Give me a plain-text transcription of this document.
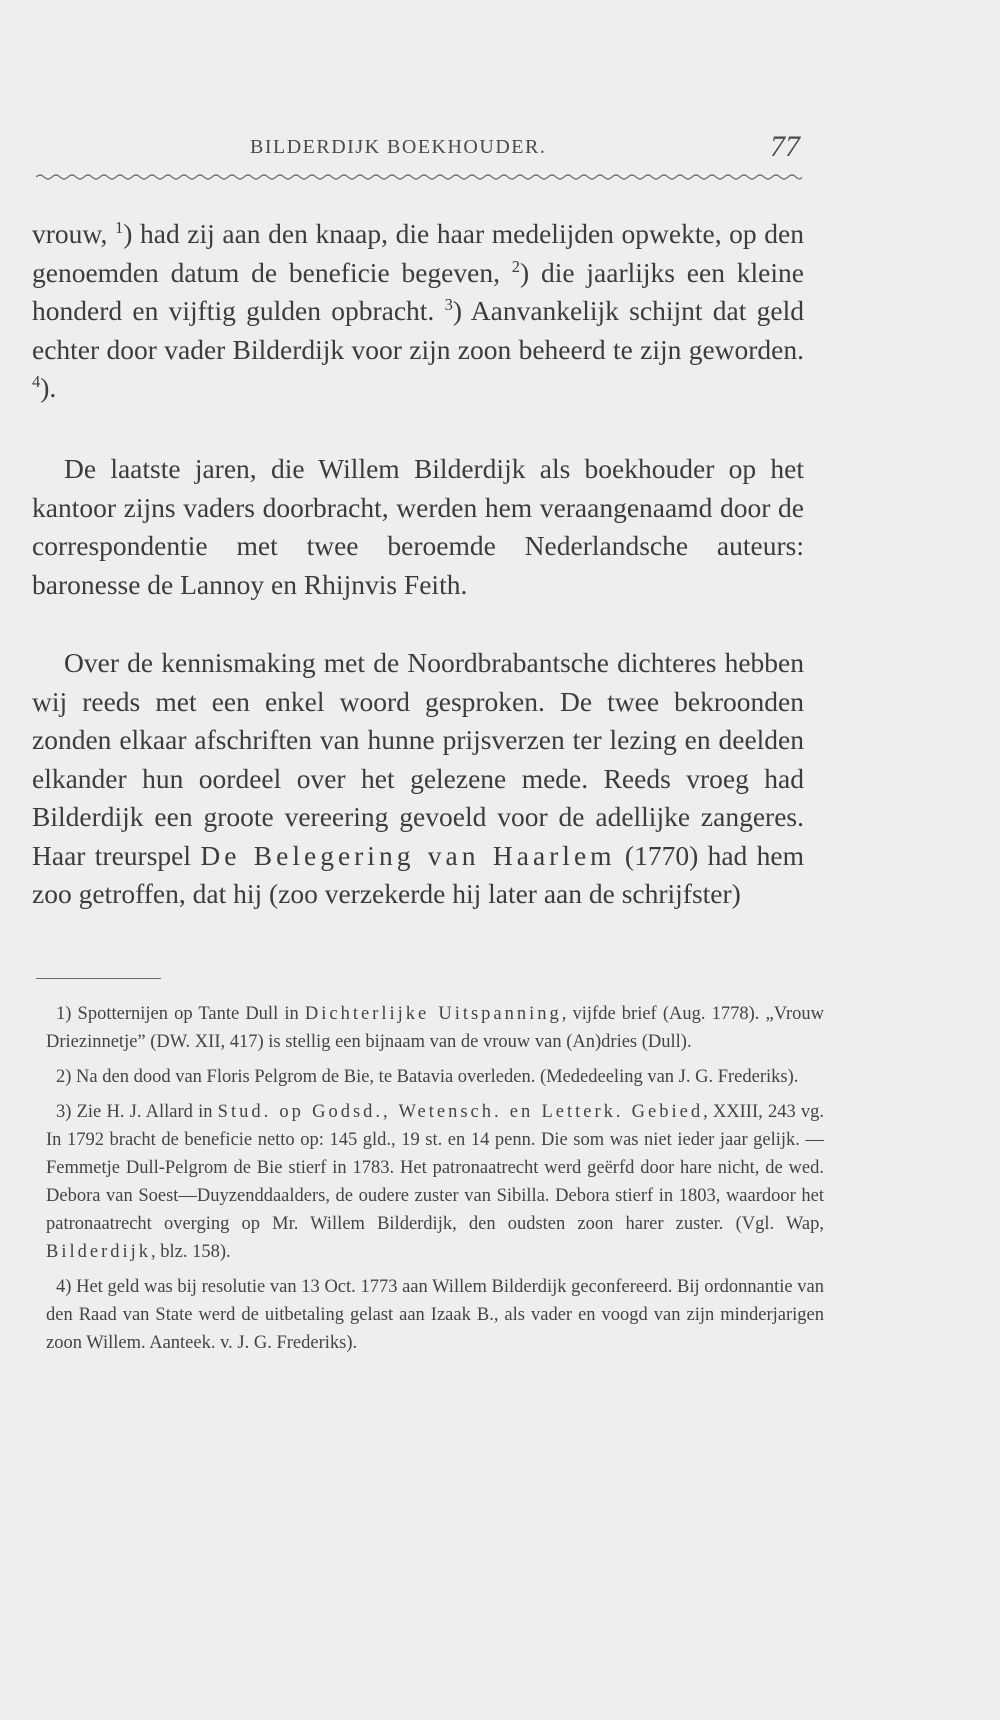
BILDERDIJK BOEKHOUDER.	77

vrouw, $^1$) had zij aan den knaap, die haar medelijden opwekte, op den genoemden datum de beneficie begeven, $^2$) die jaarlijks een kleine honderd en vijftig gulden opbracht. $^3$) Aanvankelijk schijnt dat geld echter door vader Bilderdijk voor zijn zoon beheerd te zijn geworden. $^4$).

De laatste jaren, die Willem Bilderdijk als boekhouder op het kantoor zijns vaders doorbracht, werden hem veraangenaamd door de correspondentie met twee beroemde Nederlandsche auteurs: baronesse de Lannoy en Rhijnvis Feith.

Over de kennismaking met de Noordbrabantsche dichteres hebben wij reeds met een enkel woord gesproken. De twee bekroonden zonden elkaar afschriften van hunne prijsverzen ter lezing en deelden elkander hun oordeel over het gelezene mede. Reeds vroeg had Bilderdijk een groote vereering gevoeld voor de adellijke zangeres. Haar treurspel De Belegering van Haarlem (1770) had hem zoo getroffen, dat hij (zoo verzekerde hij later aan de schrijfster)

1) Spotternijen op Tante Dull in Dichterlijke Uitspanning, vijfde brief (Aug. 1778). „Vrouw Driezinnetje” (DW. XII, 417) is stellig een bijnaam van de vrouw van (An)dries (Dull).

2) Na den dood van Floris Pelgrom de Bie, te Batavia overleden. (Mededeeling van J. G. Frederiks).

3) Zie H. J. Allard in Stud. op Godsd., Wetensch. en Letterk. Gebied, XXIII, 243 vg. In 1792 bracht de beneficie netto op: 145 gld., 19 st. en 14 penn. Die som was niet ieder jaar gelijk. — Femmetje Dull-Pelgrom de Bie stierf in 1783. Het patronaatrecht werd geërfd door hare nicht, de wed. Debora van Soest—Duyzenddaalders, de oudere zuster van Sibilla. Debora stierf in 1803, waardoor het patronaatrecht overging op Mr. Willem Bilderdijk, den oudsten zoon harer zuster. (Vgl. Wap, Bilderdijk, blz. 158).

4) Het geld was bij resolutie van 13 Oct. 1773 aan Willem Bilderdijk geconfereerd. Bij ordonnantie van den Raad van State werd de uitbetaling gelast aan Izaak B., als vader en voogd van zijn minderjarigen zoon Willem. Aanteek. v. J. G. Frederiks).
